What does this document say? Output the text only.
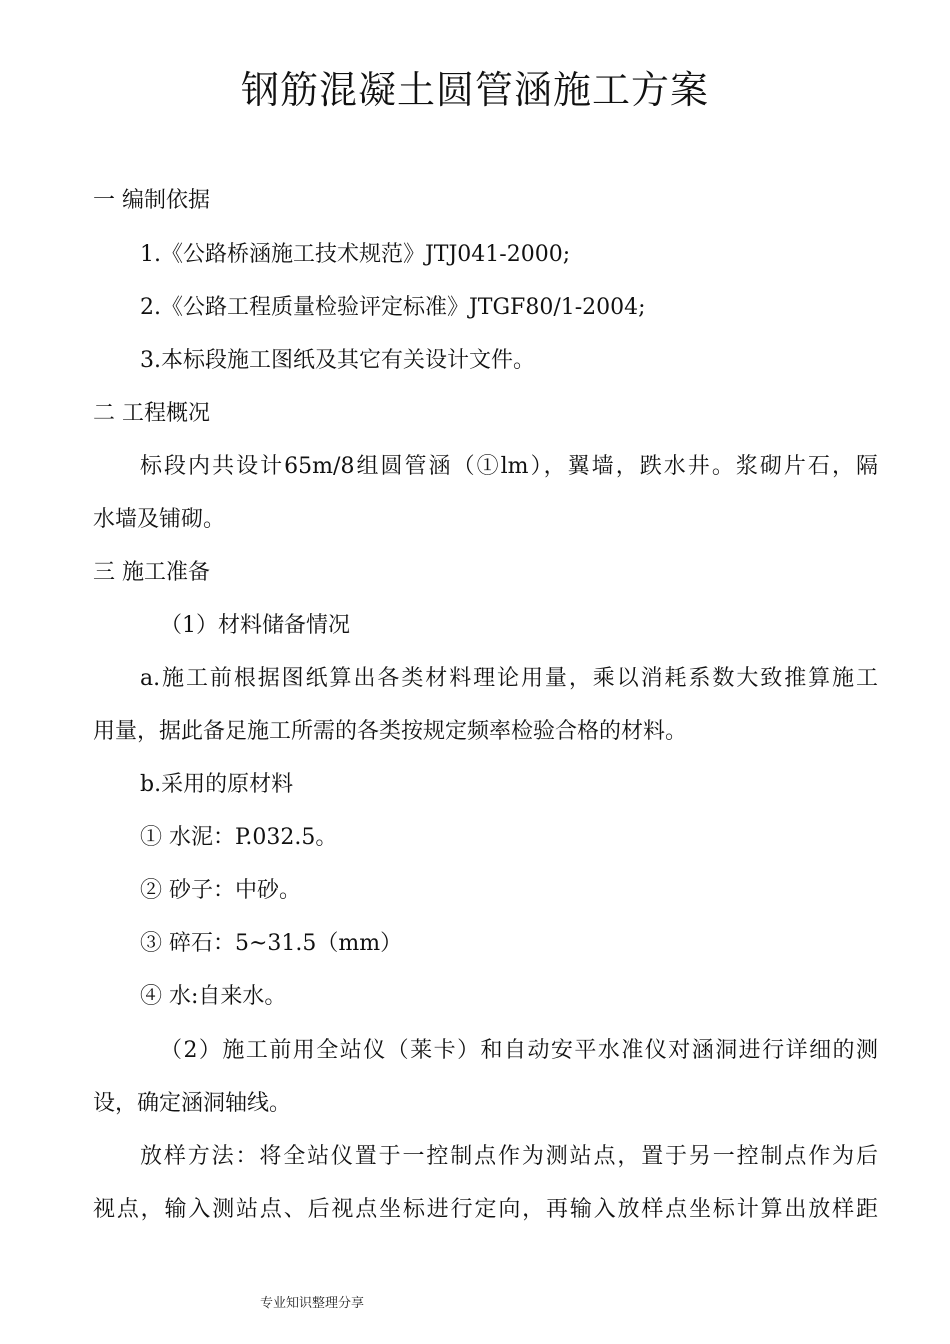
钢筋混凝土圆管涵施工方案
一 编制依据
1.《公路桥涵施工技术规范》JTJ041-2000;
2.《公路工程质量检验评定标准》JTGF80/1-2004;
3.本标段施工图纸及其它有关设计文件。
二 工程概况
标段内共设计65m/8组圆管涵（①lm），翼墙，跌水井。浆砌片石，隔
水墙及铺砌。
三 施工准备
（1）材料储备情况
a.施工前根据图纸算出各类材料理论用量，乘以消耗系数大致推算施工
用量，据此备足施工所需的各类按规定频率检验合格的材料。
b.采用的原材料
① 水泥：P.032.5。
② 砂子：中砂。
③ 碎石：5~31.5（mm）
④ 水:自来水。
（2）施工前用全站仪（莱卡）和自动安平水准仪对涵洞进行详细的测
设，确定涵洞轴线。
放样方法：将全站仪置于一控制点作为测站点，置于另一控制点作为后
视点，输入测站点、后视点坐标进行定向，再输入放样点坐标计算出放样距
专业知识整理分享
